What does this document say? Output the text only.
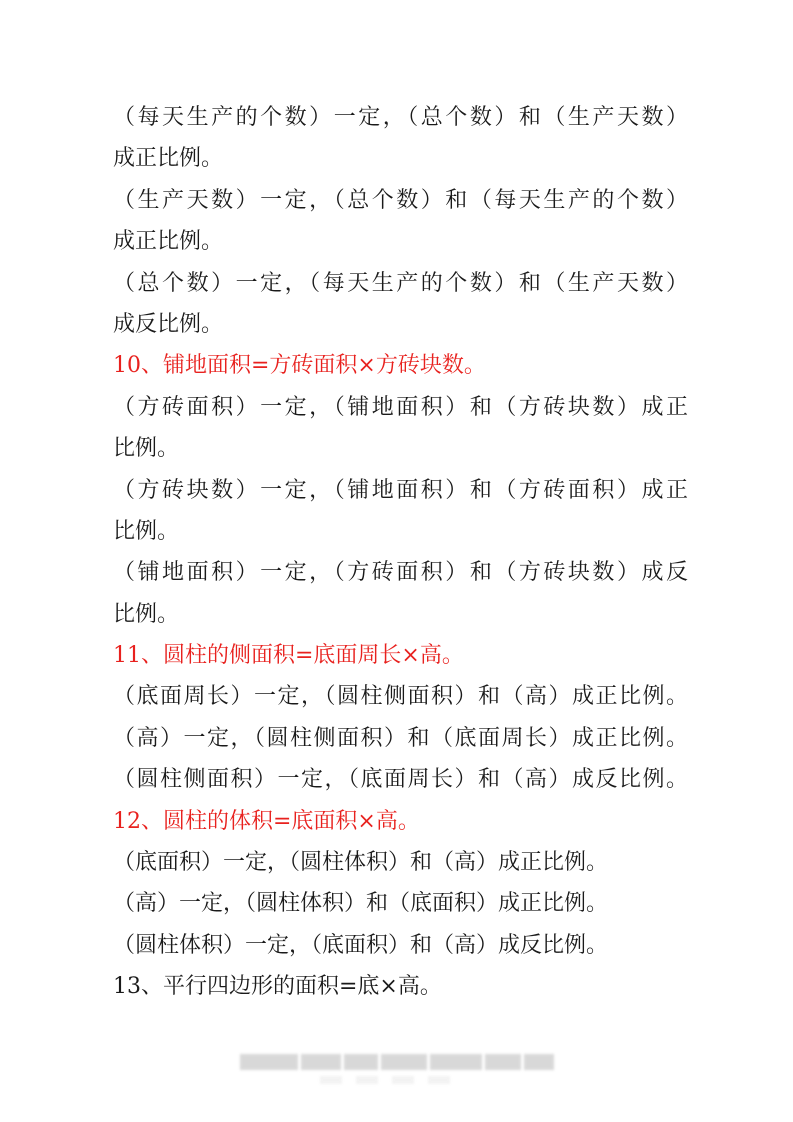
（每天生产的个数）一定，（总个数）和（生产天数）
成正比例。
（生产天数）一定，（总个数）和（每天生产的个数）
成正比例。
（总个数）一定，（每天生产的个数）和（生产天数）
成反比例。
10、铺地面积=方砖面积×方砖块数。
（方砖面积）一定，（铺地面积）和（方砖块数）成正
比例。
（方砖块数）一定，（铺地面积）和（方砖面积）成正
比例。
（铺地面积）一定，（方砖面积）和（方砖块数）成反
比例。
11、圆柱的侧面积=底面周长×高。
（底面周长）一定，（圆柱侧面积）和（高）成正比例。
（高）一定，（圆柱侧面积）和（底面周长）成正比例。
（圆柱侧面积）一定，（底面周长）和（高）成反比例。
12、圆柱的体积=底面积×高。
（底面积）一定，（圆柱体积）和（高）成正比例。
（高）一定，（圆柱体积）和（底面积）成正比例。
（圆柱体积）一定，（底面积）和（高）成反比例。
13、平行四边形的面积=底×高。
